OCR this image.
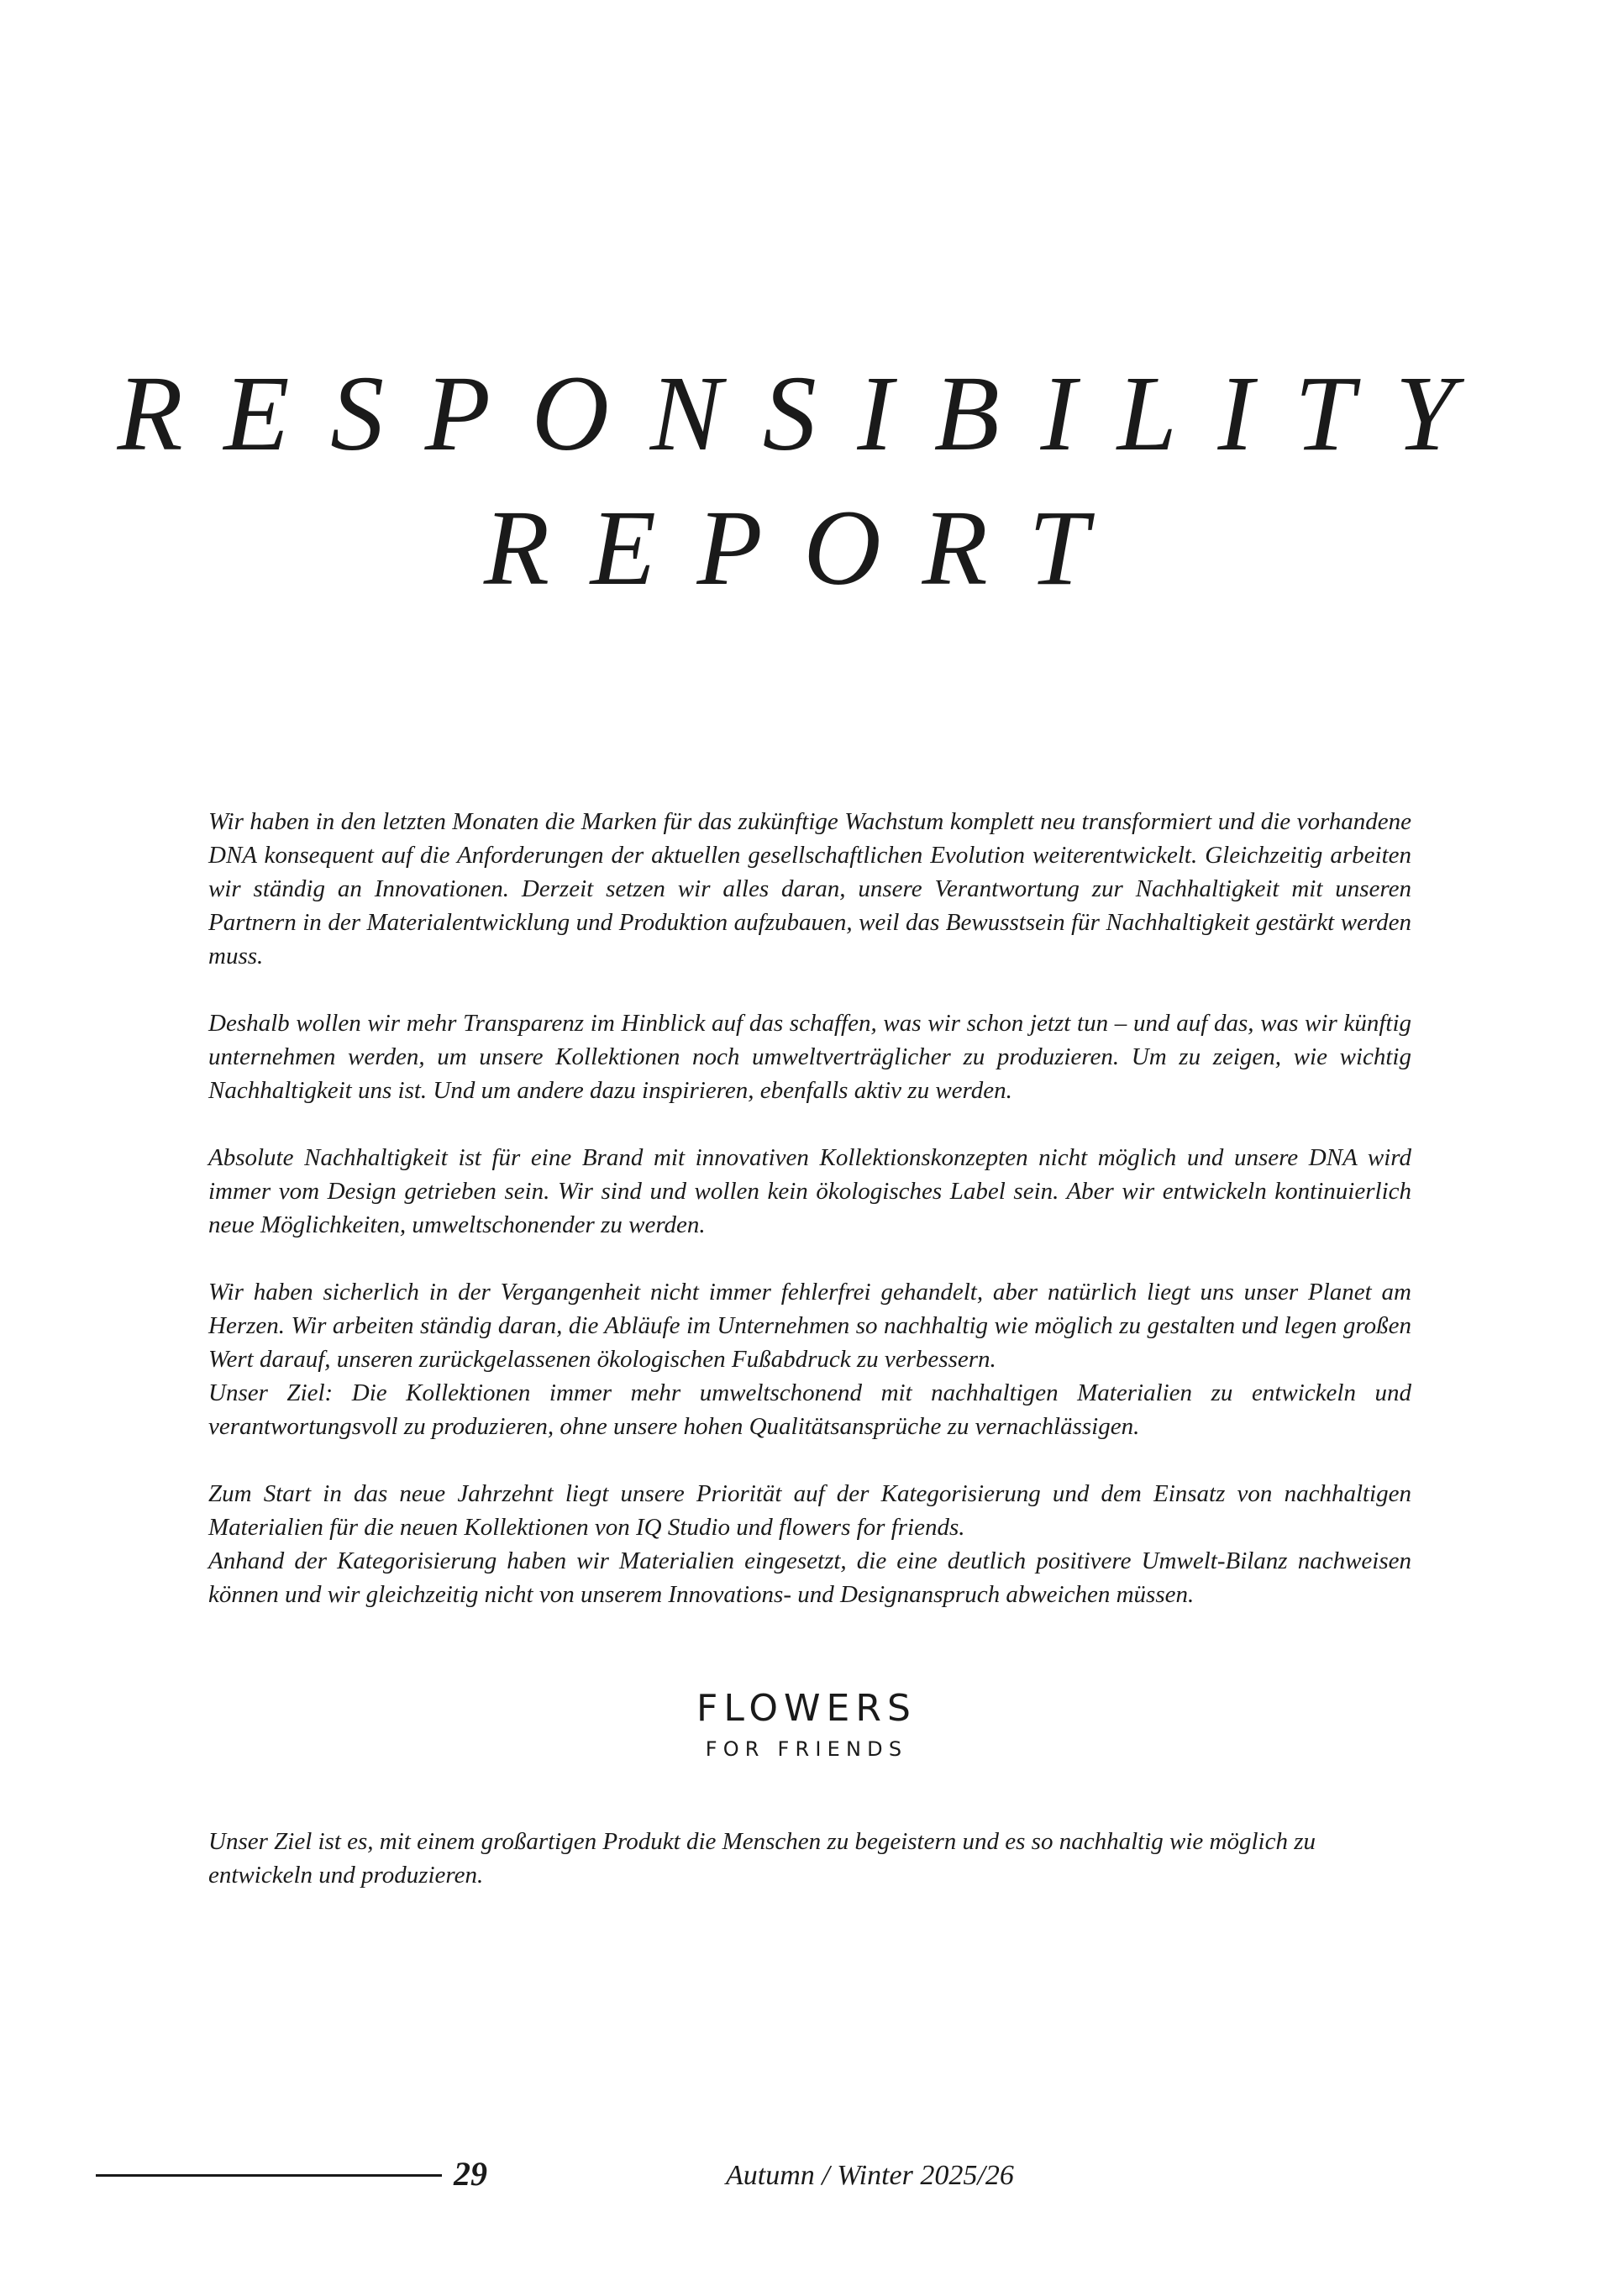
RESPONSIBILITY
REPORT

Wir haben in den letzten Monaten die Marken für das zukünftige Wachstum komplett neu transformiert und die vorhandene DNA konsequent auf die Anforderungen der aktuellen gesellschaftlichen Evolution weiterentwickelt. Gleichzeitig arbeiten wir ständig an Innovationen. Derzeit setzen wir alles daran, unsere Verantwortung zur Nachhaltigkeit mit unseren Partnern in der Materialentwicklung und Produktion aufzubauen, weil das Bewusstsein für Nachhaltigkeit gestärkt werden muss.

Deshalb wollen wir mehr Transparenz im Hinblick auf das schaffen, was wir schon jetzt tun – und auf das, was wir künftig unternehmen werden, um unsere Kollektionen noch umweltverträglicher zu produzieren. Um zu zeigen, wie wichtig Nachhaltigkeit uns ist. Und um andere dazu inspirieren, ebenfalls aktiv zu werden.

Absolute Nachhaltigkeit ist für eine Brand mit innovativen Kollektionskonzepten nicht möglich und unsere DNA wird immer vom Design getrieben sein. Wir sind und wollen kein ökologisches Label sein. Aber wir entwickeln kontinuierlich neue Möglichkeiten, umweltschonender zu werden.

Wir haben sicherlich in der Vergangenheit nicht immer fehlerfrei gehandelt, aber natürlich liegt uns unser Planet am Herzen. Wir arbeiten ständig daran, die Abläufe im Unternehmen so nachhaltig wie möglich zu gestalten und legen großen Wert darauf, unseren zurückgelassenen ökologischen Fußabdruck zu verbessern.
Unser Ziel: Die Kollektionen immer mehr umweltschonend mit nachhaltigen Materialien zu entwickeln und verantwortungsvoll zu produzieren, ohne unsere hohen Qualitätsansprüche zu vernachlässigen.

Zum Start in das neue Jahrzehnt liegt unsere Priorität auf der Kategorisierung und dem Einsatz von nachhaltigen Materialien für die neuen Kollektionen von IQ Studio und flowers for friends.
Anhand der Kategorisierung haben wir Materialien eingesetzt, die eine deutlich positivere Umwelt-Bilanz nachweisen können und wir gleichzeitig nicht von unserem Innovations- und Designanspruch abweichen müssen.

FLOWERS
FOR FRIENDS

Unser Ziel ist es, mit einem großartigen Produkt die Menschen zu begeistern und es so nachhaltig wie möglich zu entwickeln und produzieren.

29	Autumn / Winter 2025/26
